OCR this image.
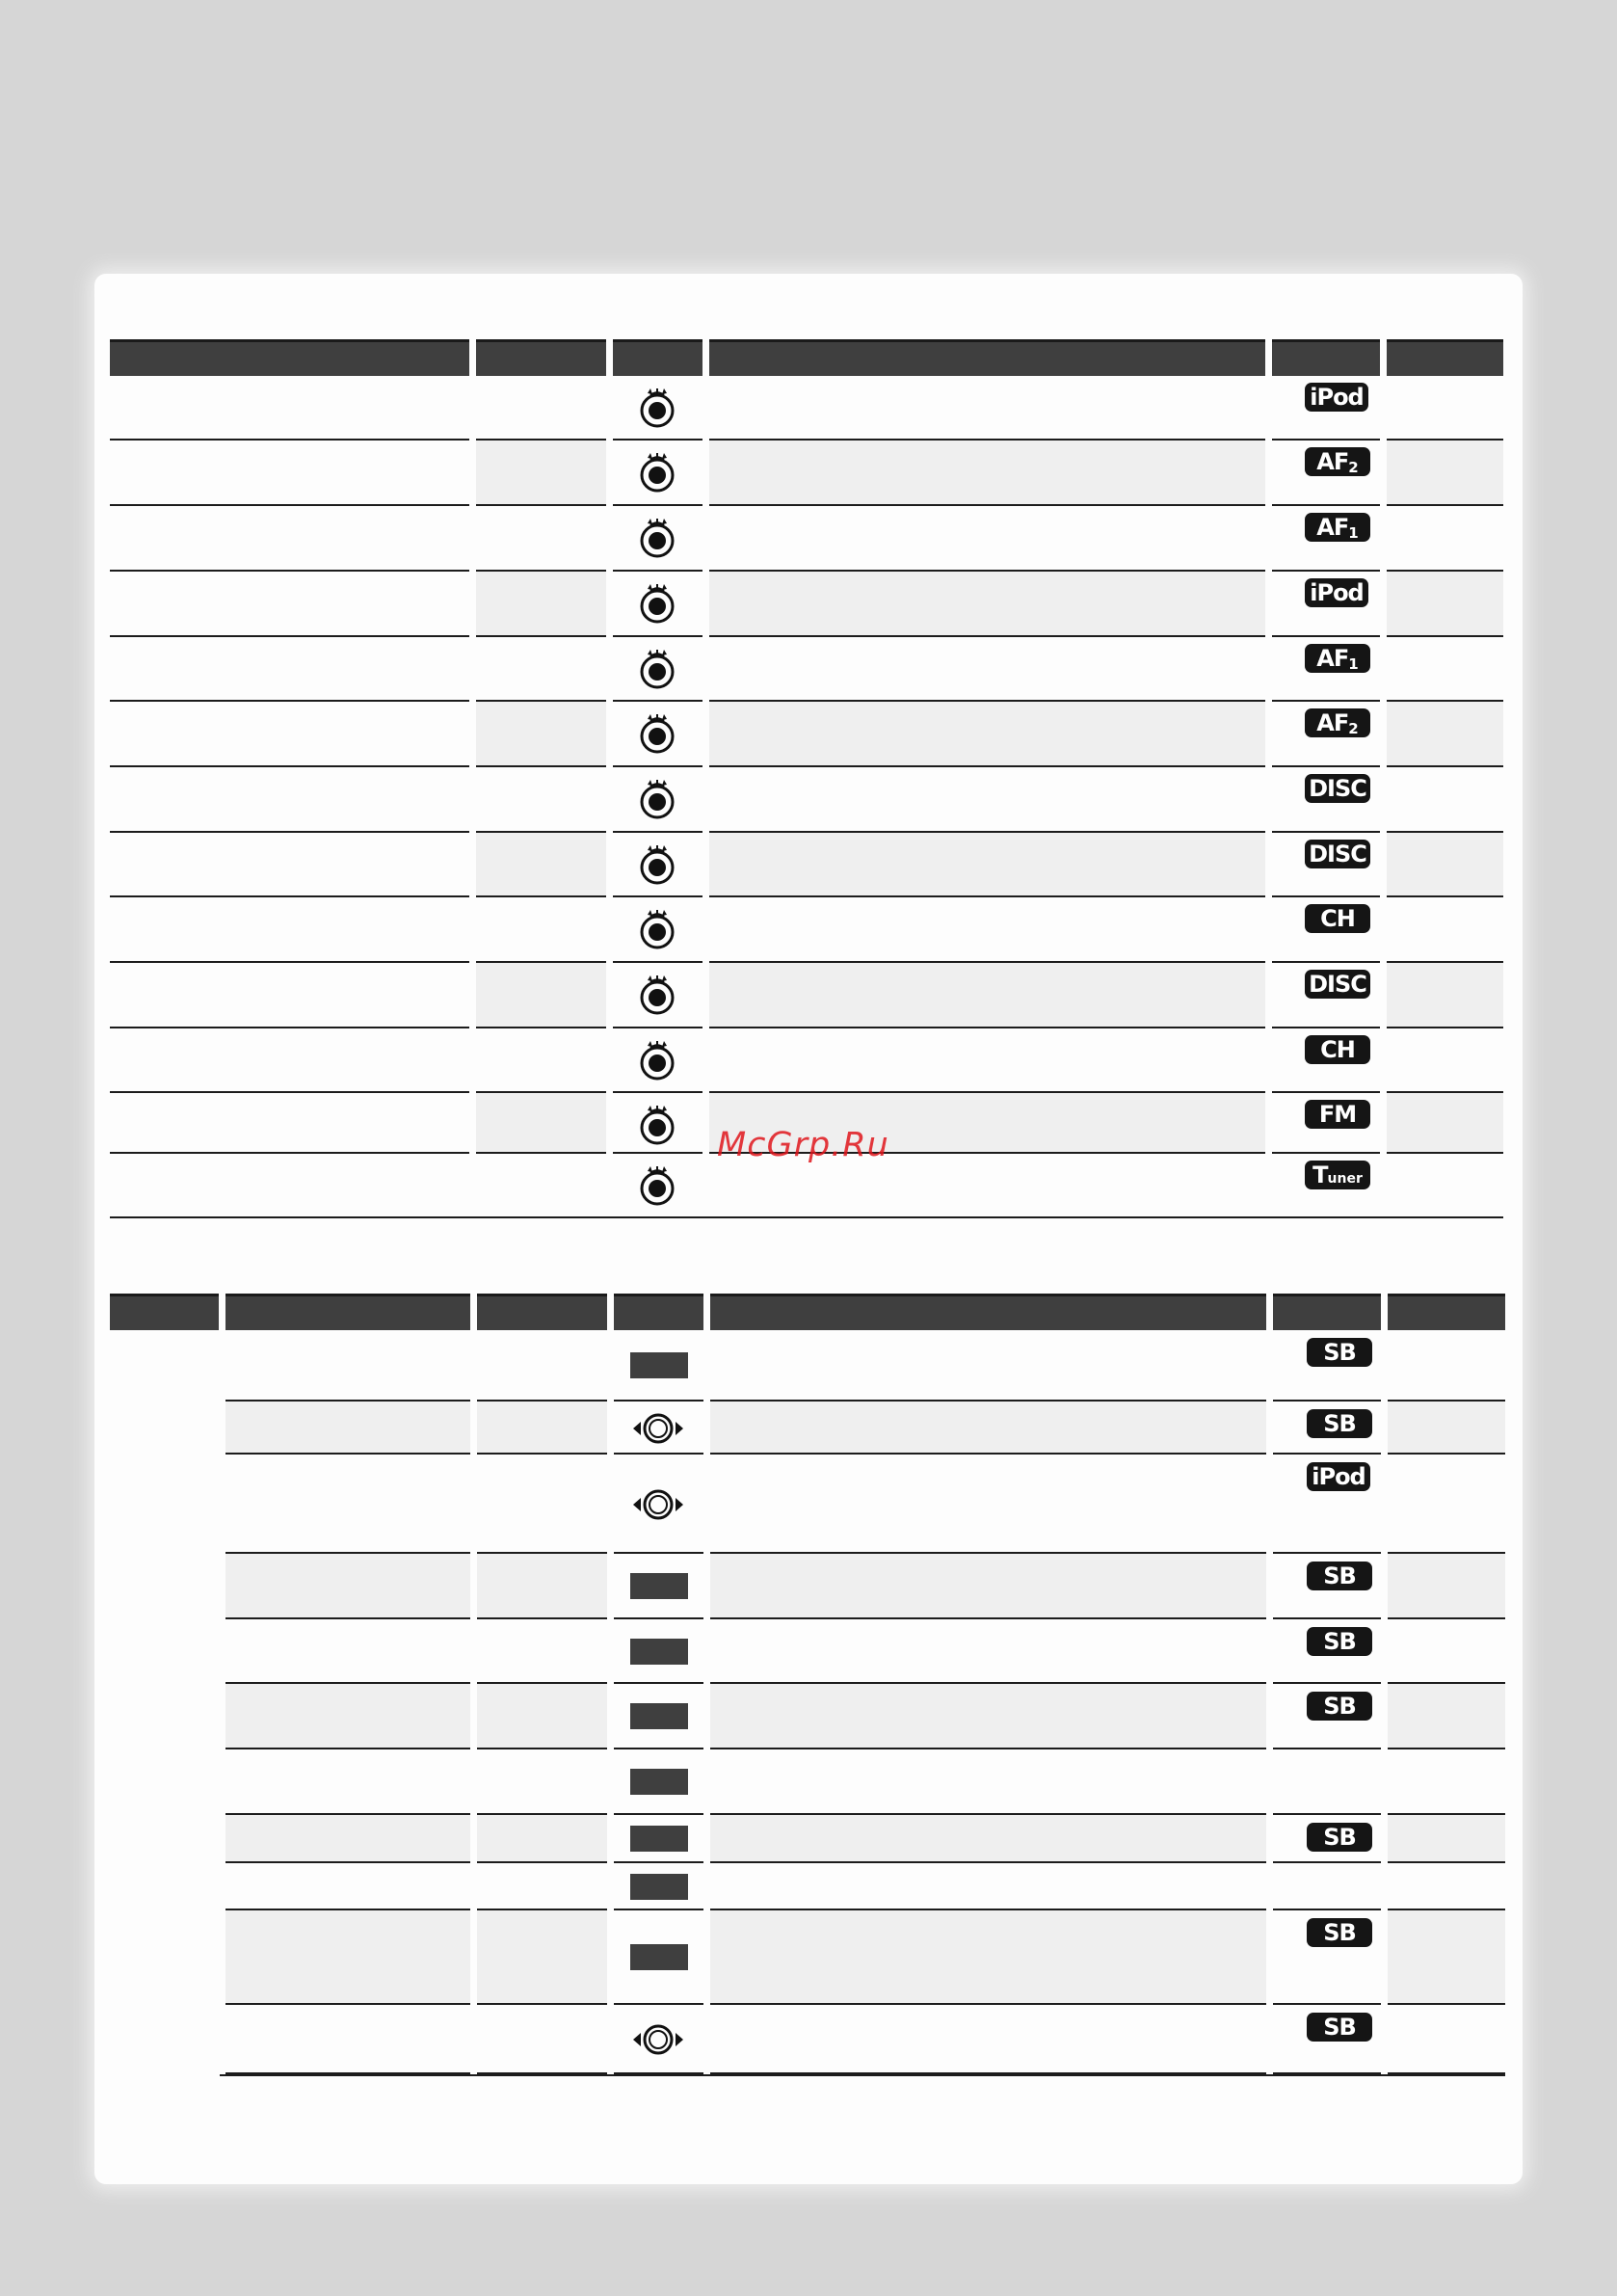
iPod
$AF_2$
$AF_1$
iPod
$AF_1$
$AF_2$
DISC
DISC
CH
DISC
CH
FM
Tuner
SB
SB
iPod
SB
SB
SB
SB
SB
SB
McGrp.Ru
